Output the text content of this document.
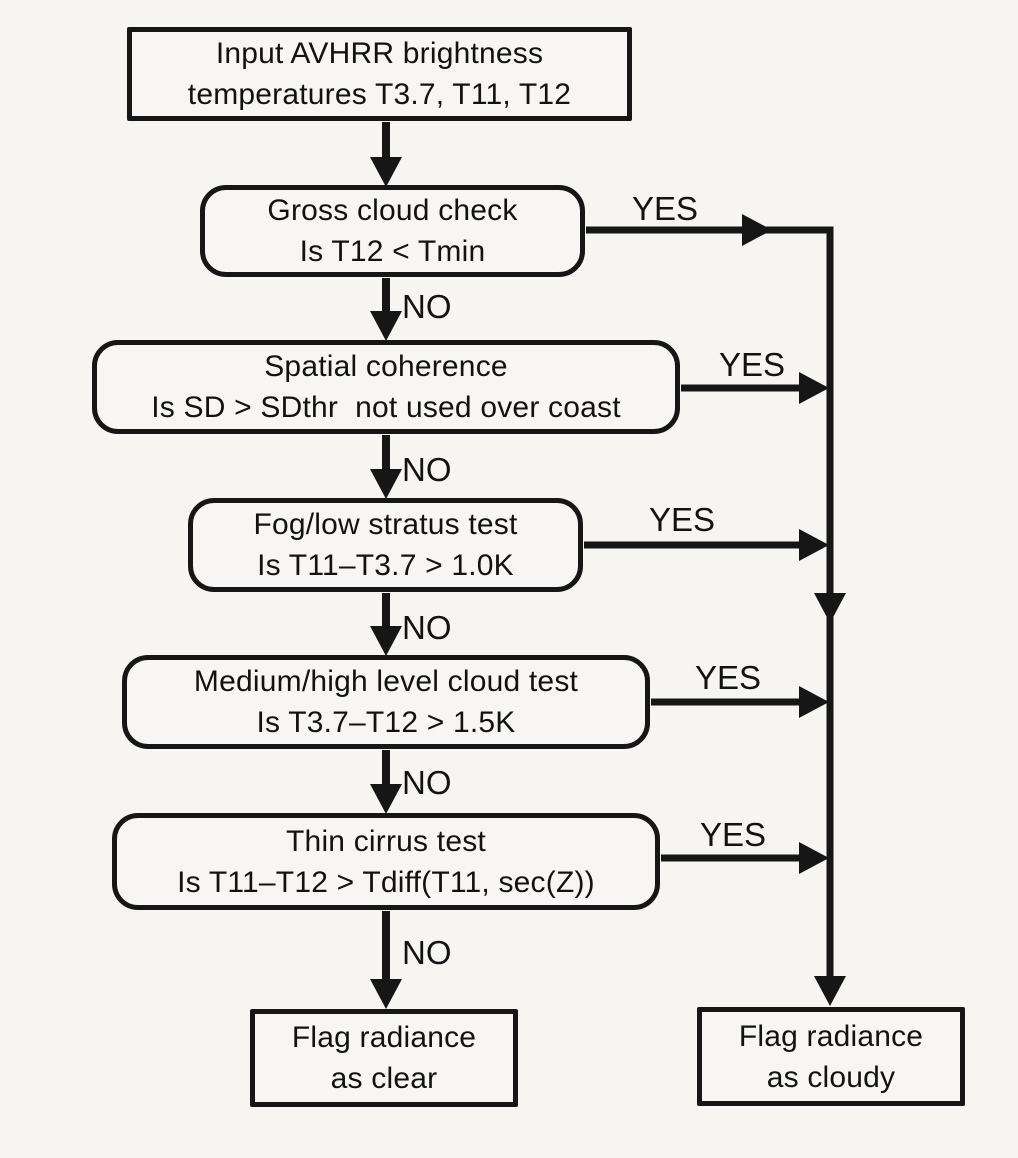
Input AVHRR brightness
temperatures T3.7, T11, T12
Gross cloud check
Is T12 < Tmin
Spatial coherence
Is SD > SDthr  not used over coast
Fog/low stratus test
Is T11–T3.7 > 1.0K
Medium/high level cloud test
Is T3.7–T12 > 1.5K
Thin cirrus test
Is T11–T12 > Tdiff(T11, sec(Z))
Flag radiance
as clear
Flag radiance
as cloudy
YES
NO
YES
NO
YES
NO
YES
NO
YES
NO
